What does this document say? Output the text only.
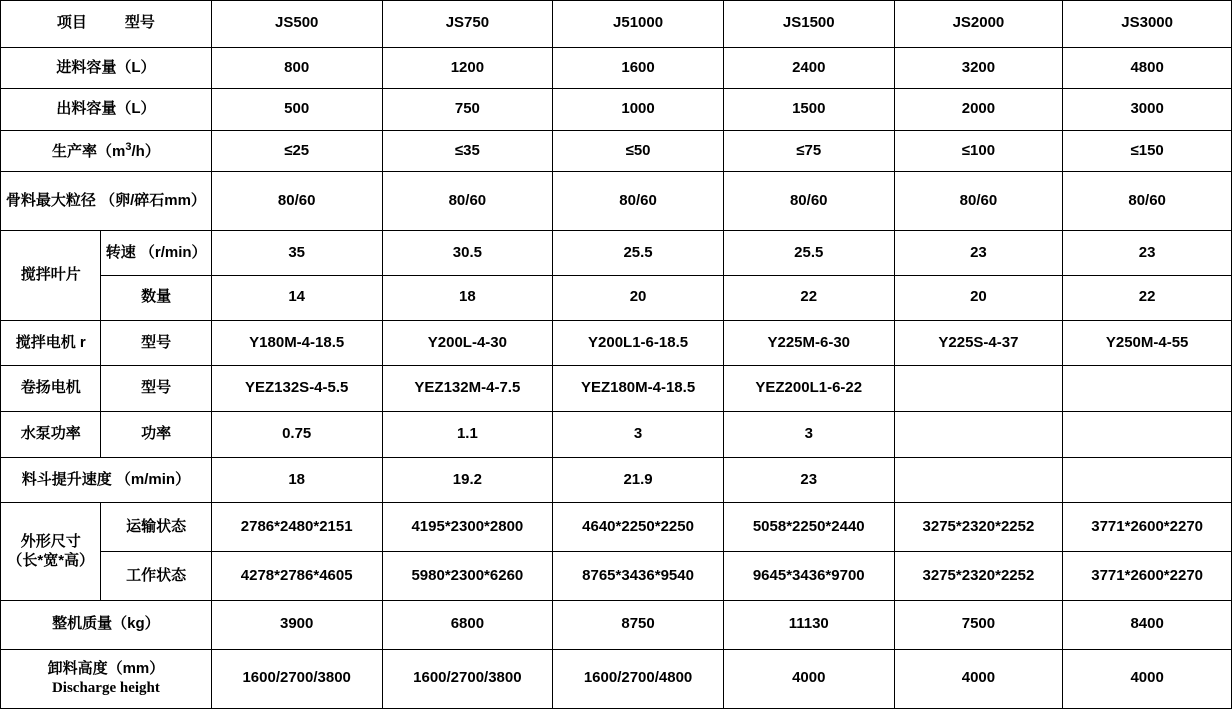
项目 型号		JS500	JS750	J51000	JS1500	JS2000	JS3000
进料容量（L）		800	1200	1600	2400	3200	4800
出料容量（L）		500	750	1000	1500	2000	3000
生产率$(m^3/h)$		≤25	≤35	≤50	≤75	≤100	≤150
骨料最大粒径 （卵/碎石mm）		80/60	80/60	80/60	80/60	80/60	80/60
搅拌叶片	转速 （r/min）	35	30.5	25.5	25.5	23	23
	数量	14	18	20	22	20	22
搅拌电机 r	型号	Y180M-4-18.5	Y200L-4-30	Y200L1-6-18.5	Y225M-6-30	Y225S-4-37	Y250M-4-55
卷扬电机	型号	YEZ132S-4-5.5	YEZ132M-4-7.5	YEZ180M-4-18.5	YEZ200L1-6-22		
水泵功率	功率	0.75	1.1	3	3		
料斗提升速度 （m/min）		18	19.2	21.9	23		

外形尺寸
（长*宽*高）	运输状态	2786*2480*2151	4195*2300*2800	4640*2250*2250	5058*2250*2440	3275*2320*2252	3771*2600*2270
	工作状态	4278*2786*4605	5980*2300*6260	8765*3436*9540	9645*3436*9700	3275*2320*2252	3771*2600*2270
整机质量（kg）		3900	6800	8750	11130	7500	8400

卸料高度（mm）
Discharge height		1600/2700/3800	1600/2700/3800	1600/2700/4800	4000	4000	4000
